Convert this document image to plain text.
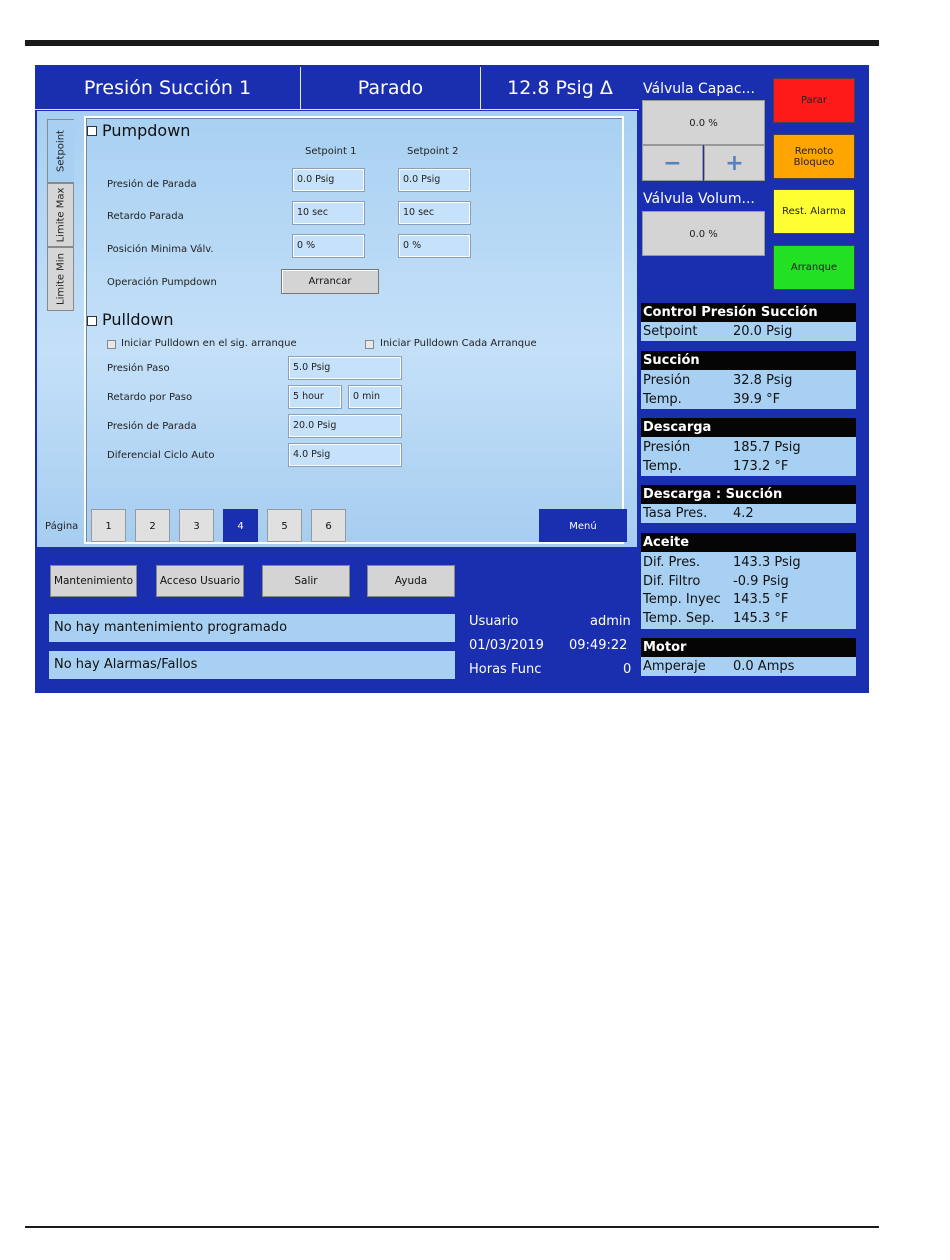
Presión Succión 1	Parado	12.8 Psig Δ
Setpoint
Limite Max
Limite Min
Pumpdown
Setpoint 1	Setpoint 2
Presión de Parada	0.0 Psig	0.0 Psig
Retardo Parada	10 sec	10 sec
Posición Minima Válv.	0 %	0 %
Operación Pumpdown	Arrancar
Pulldown
Iniciar Pulldown en el sig. arranque	Iniciar Pulldown Cada Arranque
Presión Paso	5.0 Psig
Retardo por Paso	5 hour	0 min
Presión de Parada	20.0 Psig
Diferencial Ciclo Auto	4.0 Psig
Página	1	2	3	4	5	6	Menú
Mantenimiento	Acceso Usuario	Salir	Ayuda
No hay mantenimiento programado
No hay Alarmas/Fallos
Usuario	admin
01/03/2019 09:49:22
Horas Func	0
Válvula Capac...
0.0 %
−	+
Válvula Volum...
0.0 %
Parar
Remoto
Bloqueo
Rest. Alarma
Arranque
Control Presión Succión
Setpoint	20.0 Psig
Succión
Presión	32.8 Psig
Temp.	39.9 °F
Descarga
Presión	185.7 Psig
Temp.	173.2 °F
Descarga : Succión
Tasa Pres. 4.2
Aceite
Dif. Pres.	143.3 Psig
Dif. Filtro	-0.9 Psig
Temp. Inyec 143.5 °F
Temp. Sep. 145.3 °F
Motor
Amperaje 0.0 Amps
